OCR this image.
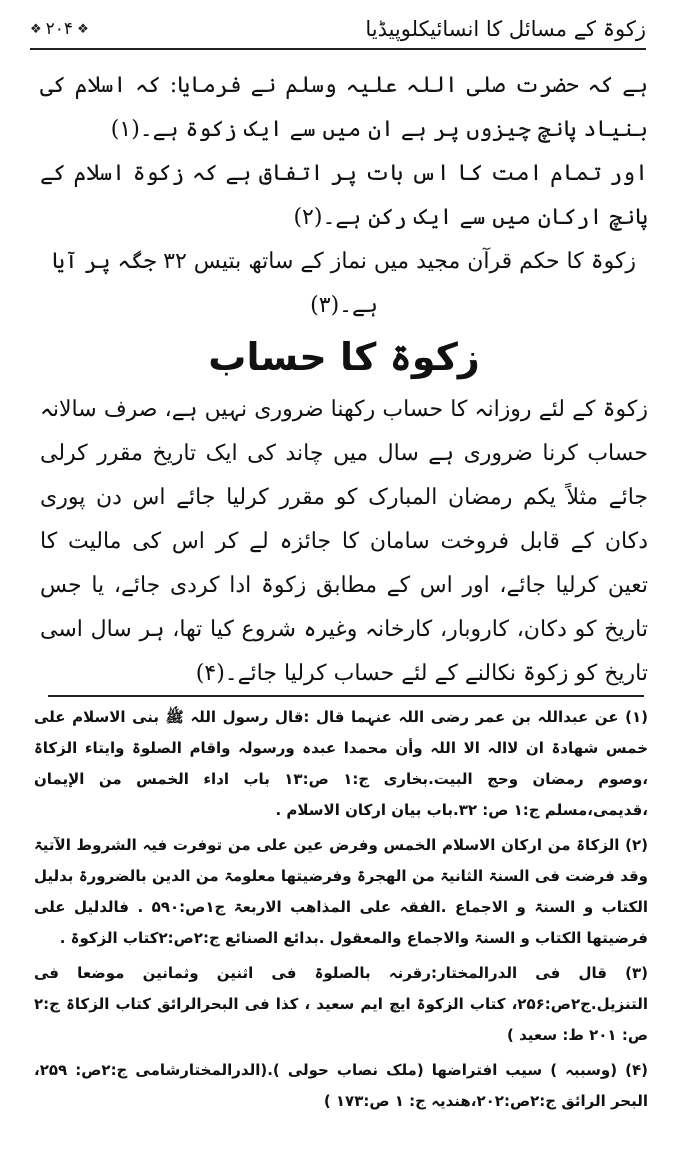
زکوۃ کے مسائل کا انسائیکلوپیڈیا
❖ ۲۰۴ ❖

ہے کہ حضرت صلی اللہ علیہ وسلم نے فرمایا: کہ اسلام کی بنیاد پانچ چیزوں پر ہے ان میں سے ایک زکوۃ ہے۔(۱)

اور تمام امت کا اس بات پر اتفاق ہے کہ زکوۃ اسلام کے پانچ ارکان میں سے ایک رکن ہے۔(۲)

زکوۃ کا حکم قرآن مجید میں نماز کے ساتھ بتیس ۳۲ جگہ پر آیا ہے۔(۳)

زکوۃ کا حساب

زکوۃ کے لئے روزانہ کا حساب رکھنا ضروری نہیں ہے، صرف سالانہ حساب کرنا ضروری ہے سال میں چاند کی ایک تاریخ مقرر کرلی جائے مثلاً یکم رمضان المبارک کو مقرر کرلیا جائے اس دن پوری دکان کے قابل فروخت سامان کا جائزہ لے کر اس کی مالیت کا تعین کرلیا جائے، اور اس کے مطابق زکوۃ ادا کردی جائے، یا جس تاریخ کو دکان، کاروبار، کارخانہ وغیرہ شروع کیا تھا، ہر سال اسی تاریخ کو زکوۃ نکالنے کے لئے حساب کرلیا جائے۔(۴)

(۱) عن عبداللہ بن عمر رضی اللہ عنہما قال :قال رسول اللہ ﷺ بنی الاسلام علی خمس شھادۃ ان لاالہ الا اللہ وأن محمدا عبدہ ورسولہ واقام الصلوۃ وایتاء الزکاۃ ،وصوم رمضان وحج البیت.بخاری ج:۱ ص:۱۳ باب اداء الخمس من الإیمان ،قدیمی،مسلم ج:۱ ص: ۳۲.باب بیان ارکان الاسلام .

(۲) الزکاۃ من ارکان الاسلام الخمس وفرض عین علی من توفرت فیہ الشروط الآتیۃ وقد فرضت فی السنۃ الثانیۃ من الھجرۃ وفرضیتھا معلومۃ من الدین بالضرورۃ بدلیل الکتاب و السنۃ و الاجماع .الفقہ علی المذاھب الاربعۃ ج۱ص:۵۹۰ . فالدلیل علی فرضیتھا الکتاب و السنۃ والاجماع والمعقول .بدائع الصنائع ج:۲ص:۲کتاب الزکوۃ .

(۳) قال فی الدرالمختار:رقرنہ بالصلوۃ فی اثنین وثمانین موضعا فی التنزیل.ج۲ص:۲۵۶، کتاب الزکوۃ ایچ ایم سعید ، کذا فی البحرالرائق کتاب الزکاۃ ج:۲ ص: ۲۰۱ ط: سعید )

(۴) (وسببہ ) سیب افتراضھا (ملک نصاب حولی ).(الدرالمختارشامی ج:۲ص: ۲۵۹، البحر الرائق ج:۲ص:۲۰۲،ھندیہ ج: ۱ ص:۱۷۳ )
